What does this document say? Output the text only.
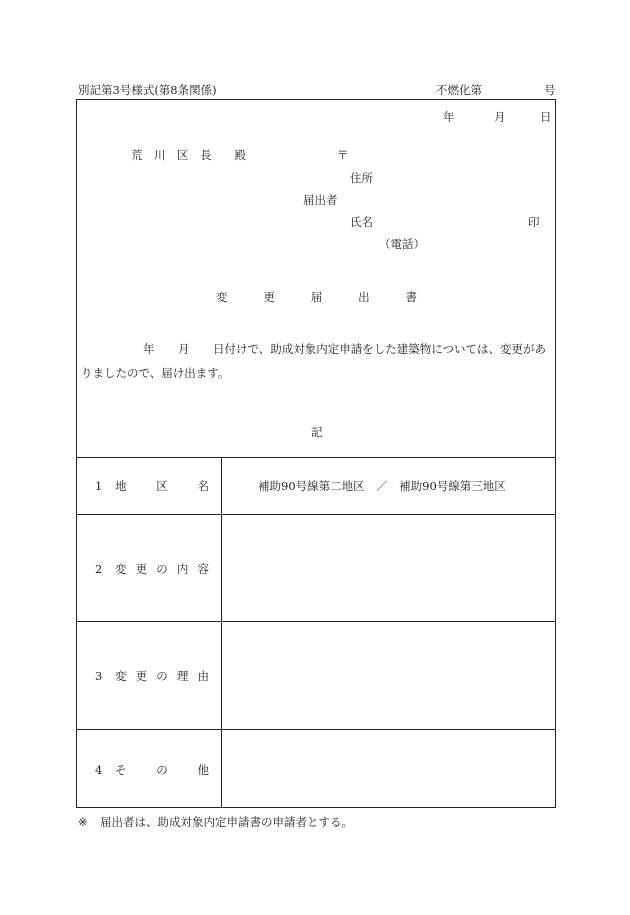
別記第3号様式(第8条関係)	不燃化第	号
年	月	日
荒　川　区　長　　殿	〒
住所
届出者
氏名	印
（電話）
変	更	届	出	書
年 月 日付けで、助成対象内定申請をした建築物については、変更があ
りましたので、届け出ます。
記
1 地	区	名	補助90号線第二地区　／　補助90号線第三地区
2 変 更 の 内 容
3 変 更 の 理 由
4 そ	の	他
※ 届出者は、助成対象内定申請書の申請者とする。
